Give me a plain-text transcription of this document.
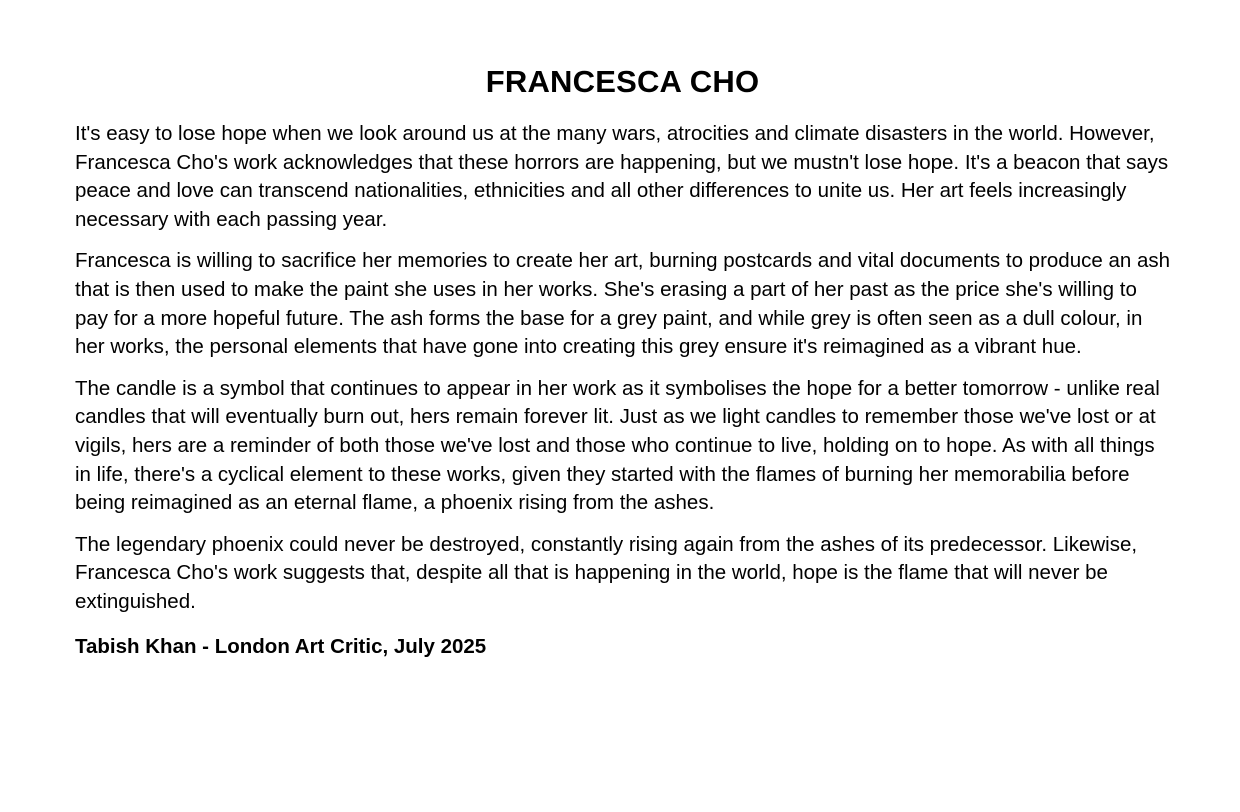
FRANCESCA CHO

It's easy to lose hope when we look around us at the many wars, atrocities and climate disasters in the world. However, Francesca Cho's work acknowledges that these horrors are happening, but we mustn't lose hope. It's a beacon that says peace and love can transcend nationalities, ethnicities and all other differences to unite us. Her art feels increasingly necessary with each passing year.

Francesca is willing to sacrifice her memories to create her art, burning postcards and vital documents to produce an ash that is then used to make the paint she uses in her works. She's erasing a part of her past as the price she's willing to pay for a more hopeful future. The ash forms the base for a grey paint, and while grey is often seen as a dull colour, in her works, the personal elements that have gone into creating this grey ensure it's reimagined as a vibrant hue.

The candle is a symbol that continues to appear in her work as it symbolises the hope for a better tomorrow - unlike real candles that will eventually burn out, hers remain forever lit. Just as we light candles to remember those we've lost or at vigils, hers are a reminder of both those we've lost and those who continue to live, holding on to hope. As with all things in life, there's a cyclical element to these works, given they started with the flames of burning her memorabilia before being reimagined as an eternal flame, a phoenix rising from the ashes.

The legendary phoenix could never be destroyed, constantly rising again from the ashes of its predecessor. Likewise, Francesca Cho's work suggests that, despite all that is happening in the world, hope is the flame that will never be extinguished.

Tabish Khan - London Art Critic, July 2025
